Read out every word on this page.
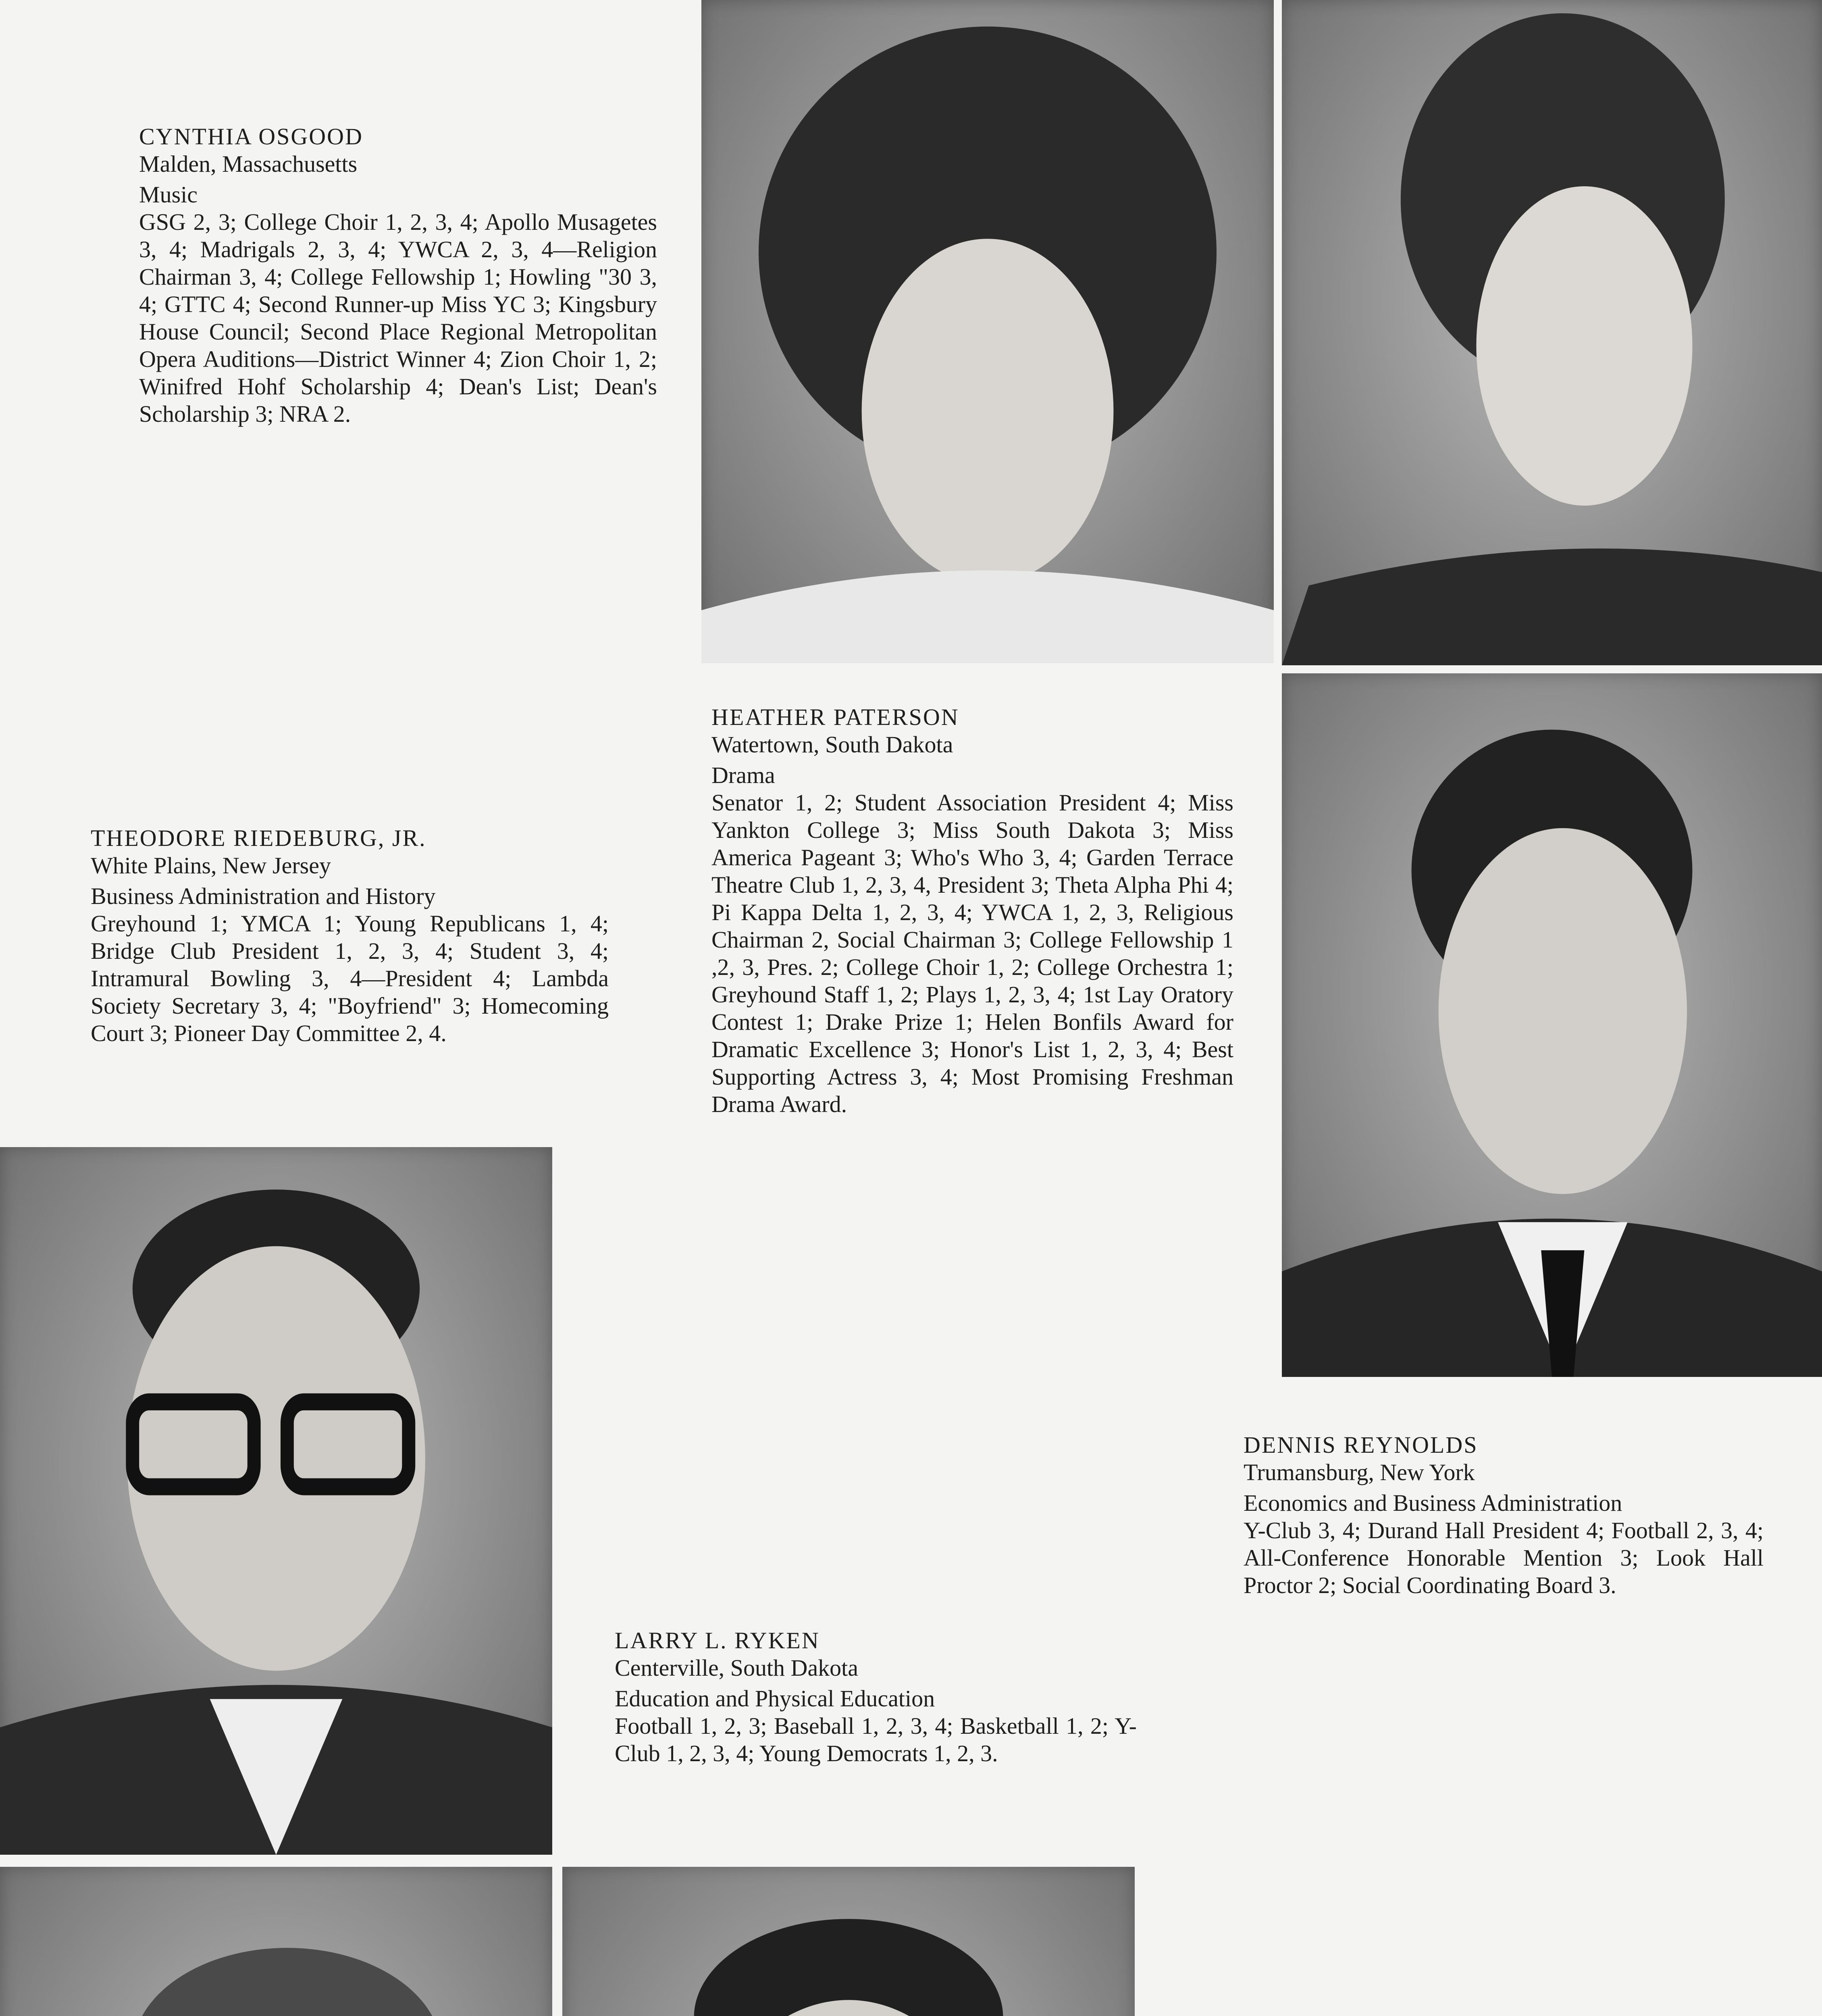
CYNTHIA OSGOOD
Malden, Massachusetts
Music
GSG 2, 3; College Choir 1, 2, 3, 4; Apollo Musagetes 3, 4; Madrigals 2, 3, 4; YWCA 2, 3, 4—Religion Chairman 3, 4; College Fellowship 1; Howling "30 3, 4; GTTC 4; Second Runner-up Miss YC 3; Kingsbury House Council; Second Place Regional Metropolitan Opera Auditions—District Winner 4; Zion Choir 1, 2; Winifred Hohf Scholarship 4; Dean's List; Dean's Scholarship 3; NRA 2.
HEATHER PATERSON
Watertown, South Dakota
Drama
Senator 1, 2; Student Association President 4; Miss Yankton College 3; Miss South Dakota 3; Miss America Pageant 3; Who's Who 3, 4; Garden Terrace Theatre Club 1, 2, 3, 4, President 3; Theta Alpha Phi 4; Pi Kappa Delta 1, 2, 3, 4; YWCA 1, 2, 3, Religious Chairman 2, Social Chairman 3; College Fellowship 1 ,2, 3, Pres. 2; College Choir 1, 2; College Orchestra 1; Greyhound Staff 1, 2; Plays 1, 2, 3, 4; 1st Lay Oratory Contest 1; Drake Prize 1; Helen Bonfils Award for Dramatic Excellence 3; Honor's List 1, 2, 3, 4; Best Supporting Actress 3, 4; Most Promising Freshman Drama Award.
THEODORE RIEDEBURG, JR.
White Plains, New Jersey
Business Administration and History
Greyhound 1; YMCA 1; Young Republicans 1, 4; Bridge Club President 1, 2, 3, 4; Student 3, 4; Intramural Bowling 3, 4—President 4; Lambda Society Secretary 3, 4; "Boyfriend" 3; Homecoming Court 3; Pioneer Day Committee 2, 4.
DENNIS REYNOLDS
Trumansburg, New York
Economics and Business Administration
Y-Club 3, 4; Durand Hall President 4; Football 2, 3, 4; All-Conference Honorable Mention 3; Look Hall Proctor 2; Social Coordinating Board 3.
LARRY L. RYKEN
Centerville, South Dakota
Education and Physical Education
Football 1, 2, 3; Baseball 1, 2, 3, 4; Basketball 1, 2; Y-Club 1, 2, 3, 4; Young Democrats 1, 2, 3.
